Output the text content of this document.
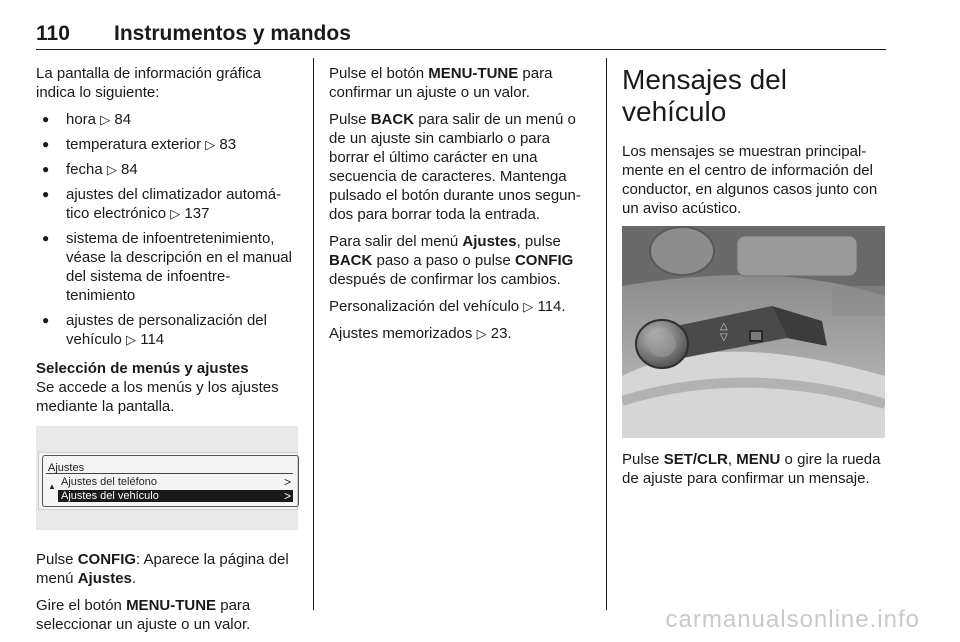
110 Instrumentos y mandos

La pantalla de información gráfica indica lo siguiente:

● hora ▷ 84
● temperatura exterior ▷ 83
● fecha ▷ 84
● ajustes del climatizador automá-tico electrónico ▷ 137
● sistema de infoentretenimiento, véase la descripción en el manual del sistema de infoentre-tenimiento
● ajustes de personalización del vehículo ▷ 114

Selección de menús y ajustes

Se accede a los menús y los ajustes mediante la pantalla.

Ajustes
▲ Ajustes del teléfono	>
Ajustes del vehículo	>

Pulse CONFIG: Aparece la página del menú Ajustes.

Gire el botón MENU-TUNE para seleccionar un ajuste o un valor.

Pulse el botón MENU-TUNE para confirmar un ajuste o un valor.

Pulse BACK para salir de un menú o de un ajuste sin cambiarlo o para borrar el último carácter en una secuencia de caracteres. Mantenga pulsado el botón durante unos segun-dos para borrar toda la entrada.

Para salir del menú Ajustes, pulse BACK paso a paso o pulse CONFIG después de confirmar los cambios.

Personalización del vehículo ▷ 114.

Ajustes memorizados ▷ 23.

Mensajes del vehículo

Los mensajes se muestran principal-mente en el centro de información del conductor, en algunos casos junto con un aviso acústico.

△
▽

Pulse SET/CLR, MENU o gire la rueda de ajuste para confirmar un mensaje.

carmanualsonline.info
